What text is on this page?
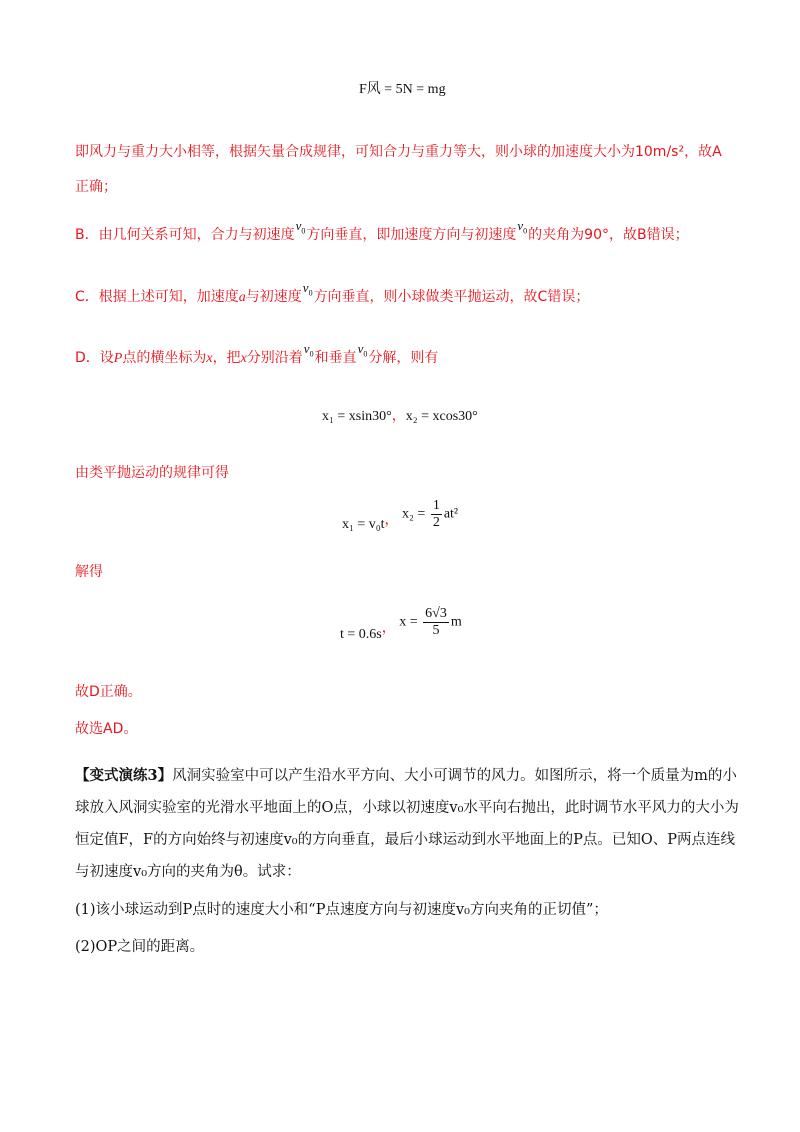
F风 = 5N = mg
即风力与重力大小相等，根据矢量合成规律，可知合力与重力等大，则小球的加速度大小为10m/s²，故A
正确；
B．由几何关系可知，合力与初速度$v_0$方向垂直，即加速度方向与初速度$v_0$的夹角为90°，故B错误；
C．根据上述可知，加速度a与初速度$v_0$方向垂直，则小球做类平抛运动，故C错误；
D．设P点的横坐标为x，把x分别沿着$v_0$和垂直$v_0$分解，则有
x₁ = xsin30°，x₂ = xcos30°
由类平抛运动的规律可得
x₁ = v₀t， $x_2 = \frac{1}{2} at^2$
解得
t = 0.6s， $x = \frac{6√3}{5}$ m
故D正确。
故选AD。
【变式演练3】风洞实验室中可以产生沿水平方向、大小可调节的风力。如图所示，将一个质量为m的小
球放入风洞实验室的光滑水平地面上的O点，小球以初速度v₀水平向右抛出，此时调节水平风力的大小为
恒定值F，F的方向始终与初速度v₀的方向垂直，最后小球运动到水平地面上的P点。已知O、P两点连线
与初速度v₀方向的夹角为θ。试求：
(1)该小球运动到P点时的速度大小和“P点速度方向与初速度v₀方向夹角的正切值”；
(2)OP之间的距离。
